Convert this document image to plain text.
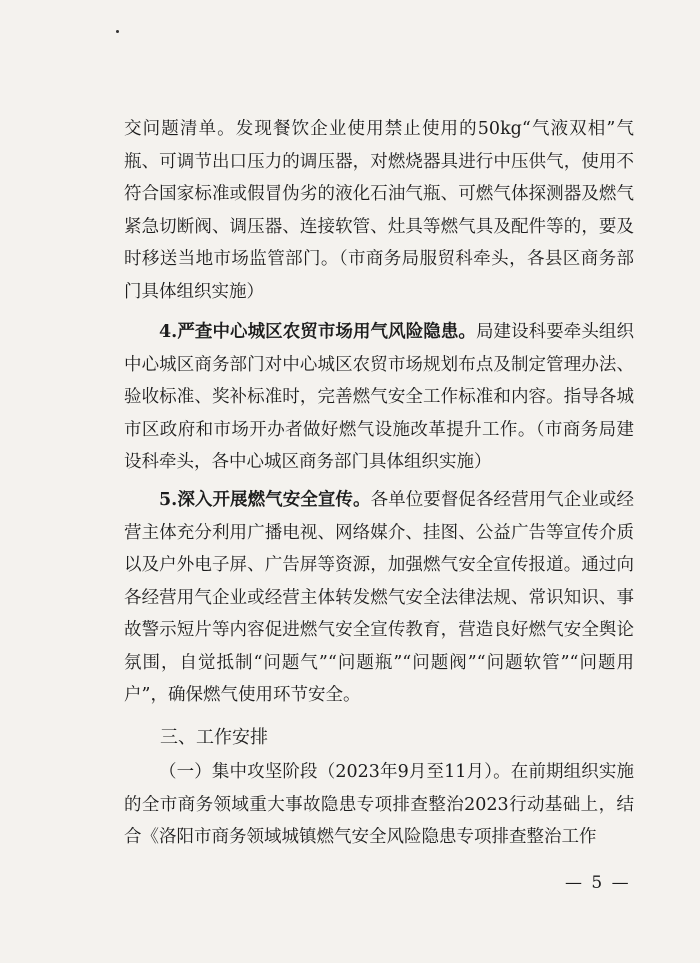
交问题清单。发现餐饮企业使用禁止使用的50kg“气液双相”气瓶、可调节出口压力的调压器，对燃烧器具进行中压供气，使用不符合国家标准或假冒伪劣的液化石油气瓶、可燃气体探测器及燃气紧急切断阀、调压器、连接软管、灶具等燃气具及配件等的，要及时移送当地市场监管部门。（市商务局服贸科牵头，各县区商务部门具体组织实施）

4.严查中心城区农贸市场用气风险隐患。局建设科要牵头组织中心城区商务部门对中心城区农贸市场规划布点及制定管理办法、验收标准、奖补标准时，完善燃气安全工作标准和内容。指导各城市区政府和市场开办者做好燃气设施改革提升工作。（市商务局建设科牵头，各中心城区商务部门具体组织实施）

5.深入开展燃气安全宣传。各单位要督促各经营用气企业或经营主体充分利用广播电视、网络媒介、挂图、公益广告等宣传介质以及户外电子屏、广告屏等资源，加强燃气安全宣传报道。通过向各经营用气企业或经营主体转发燃气安全法律法规、常识知识、事故警示短片等内容促进燃气安全宣传教育，营造良好燃气安全舆论氛围，自觉抵制“问题气”“问题瓶”“问题阀”“问题软管”“问题用户”，确保燃气使用环节安全。

三、工作安排

（一）集中攻坚阶段（2023年9月至11月）。在前期组织实施的全市商务领域重大事故隐患专项排查整治2023行动基础上，结合《洛阳市商务领域城镇燃气安全风险隐患专项排查整治工作

— 5 —
